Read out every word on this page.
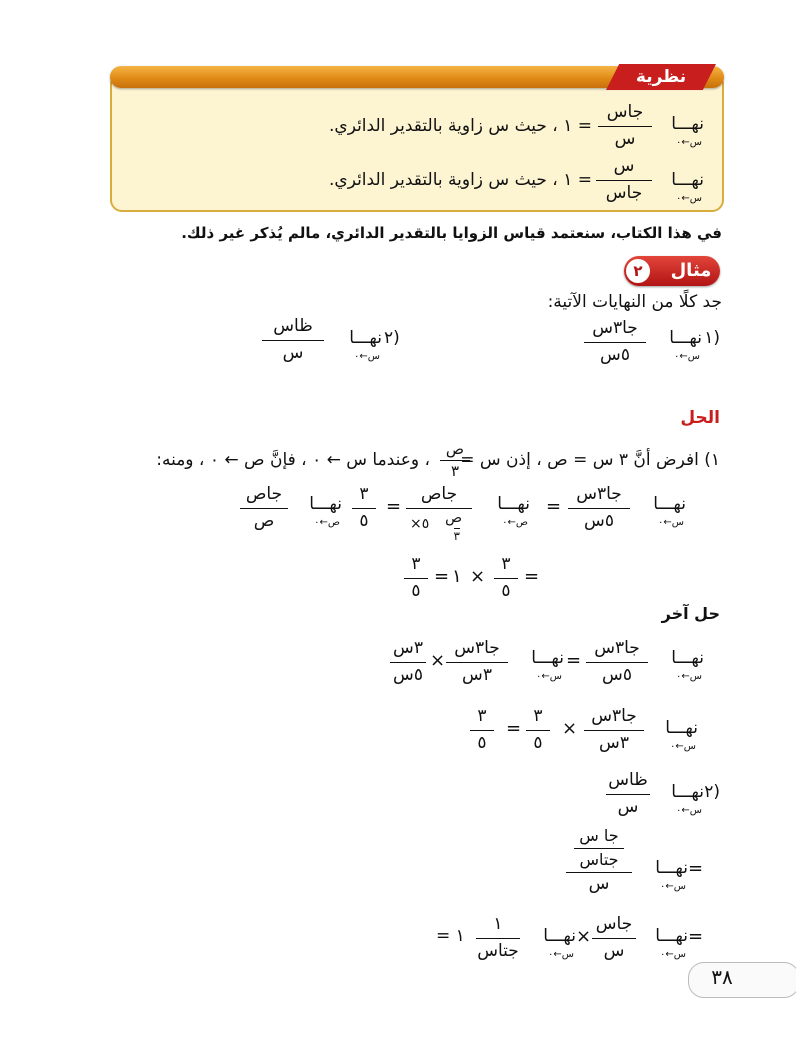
نظرية
نهـــا
س←٠
جاس
س
= ١ ، حيث س زاوية بالتقدير الدائري.
نهـــا
س←٠
س
جاس
= ١ ، حيث س زاوية بالتقدير الدائري.
في هذا الكتاب، سنعتمد قياس الزوايا بالتقدير الدائري، مالم يُذكر غير ذلك.
مثال
٢
جد كلًا من النهايات الآتية:
١)
نهـــا
س←٠
جا٣س
٥س
٢)
نهـــا
س←٠
ظاس
س
الحل
١) افرض أنَّ ٣ س = ص ، إذن س =
ص
٣
، وعندما س ← ٠ ، فإنَّ ص ← ٠ ، ومنه:
نهـــا
س←٠
جا٣س
٥س
=
نهـــا
ص←٠
جاص
ص
٥×
٣
=
٣
٥
نهـــا
ص←٠
جاص
ص
=
٣
٥
×
١
=
٣
٥
حل آخر
نهـــا
س←٠
جا٣س
٥س
=
نهـــا
س←٠
جا٣س
٣س
×
٣س
٥س
نهـــا
س←٠
جا٣س
٣س
×
٣
٥
=
٣
٥
٢)
نهـــا
س←٠
ظاس
س
=
نهـــا
س←٠
جا س
جتاس
س
=
نهـــا
س←٠
جاس
س
×
نهـــا
س←٠
١
جتاس
= ١
٣٨
